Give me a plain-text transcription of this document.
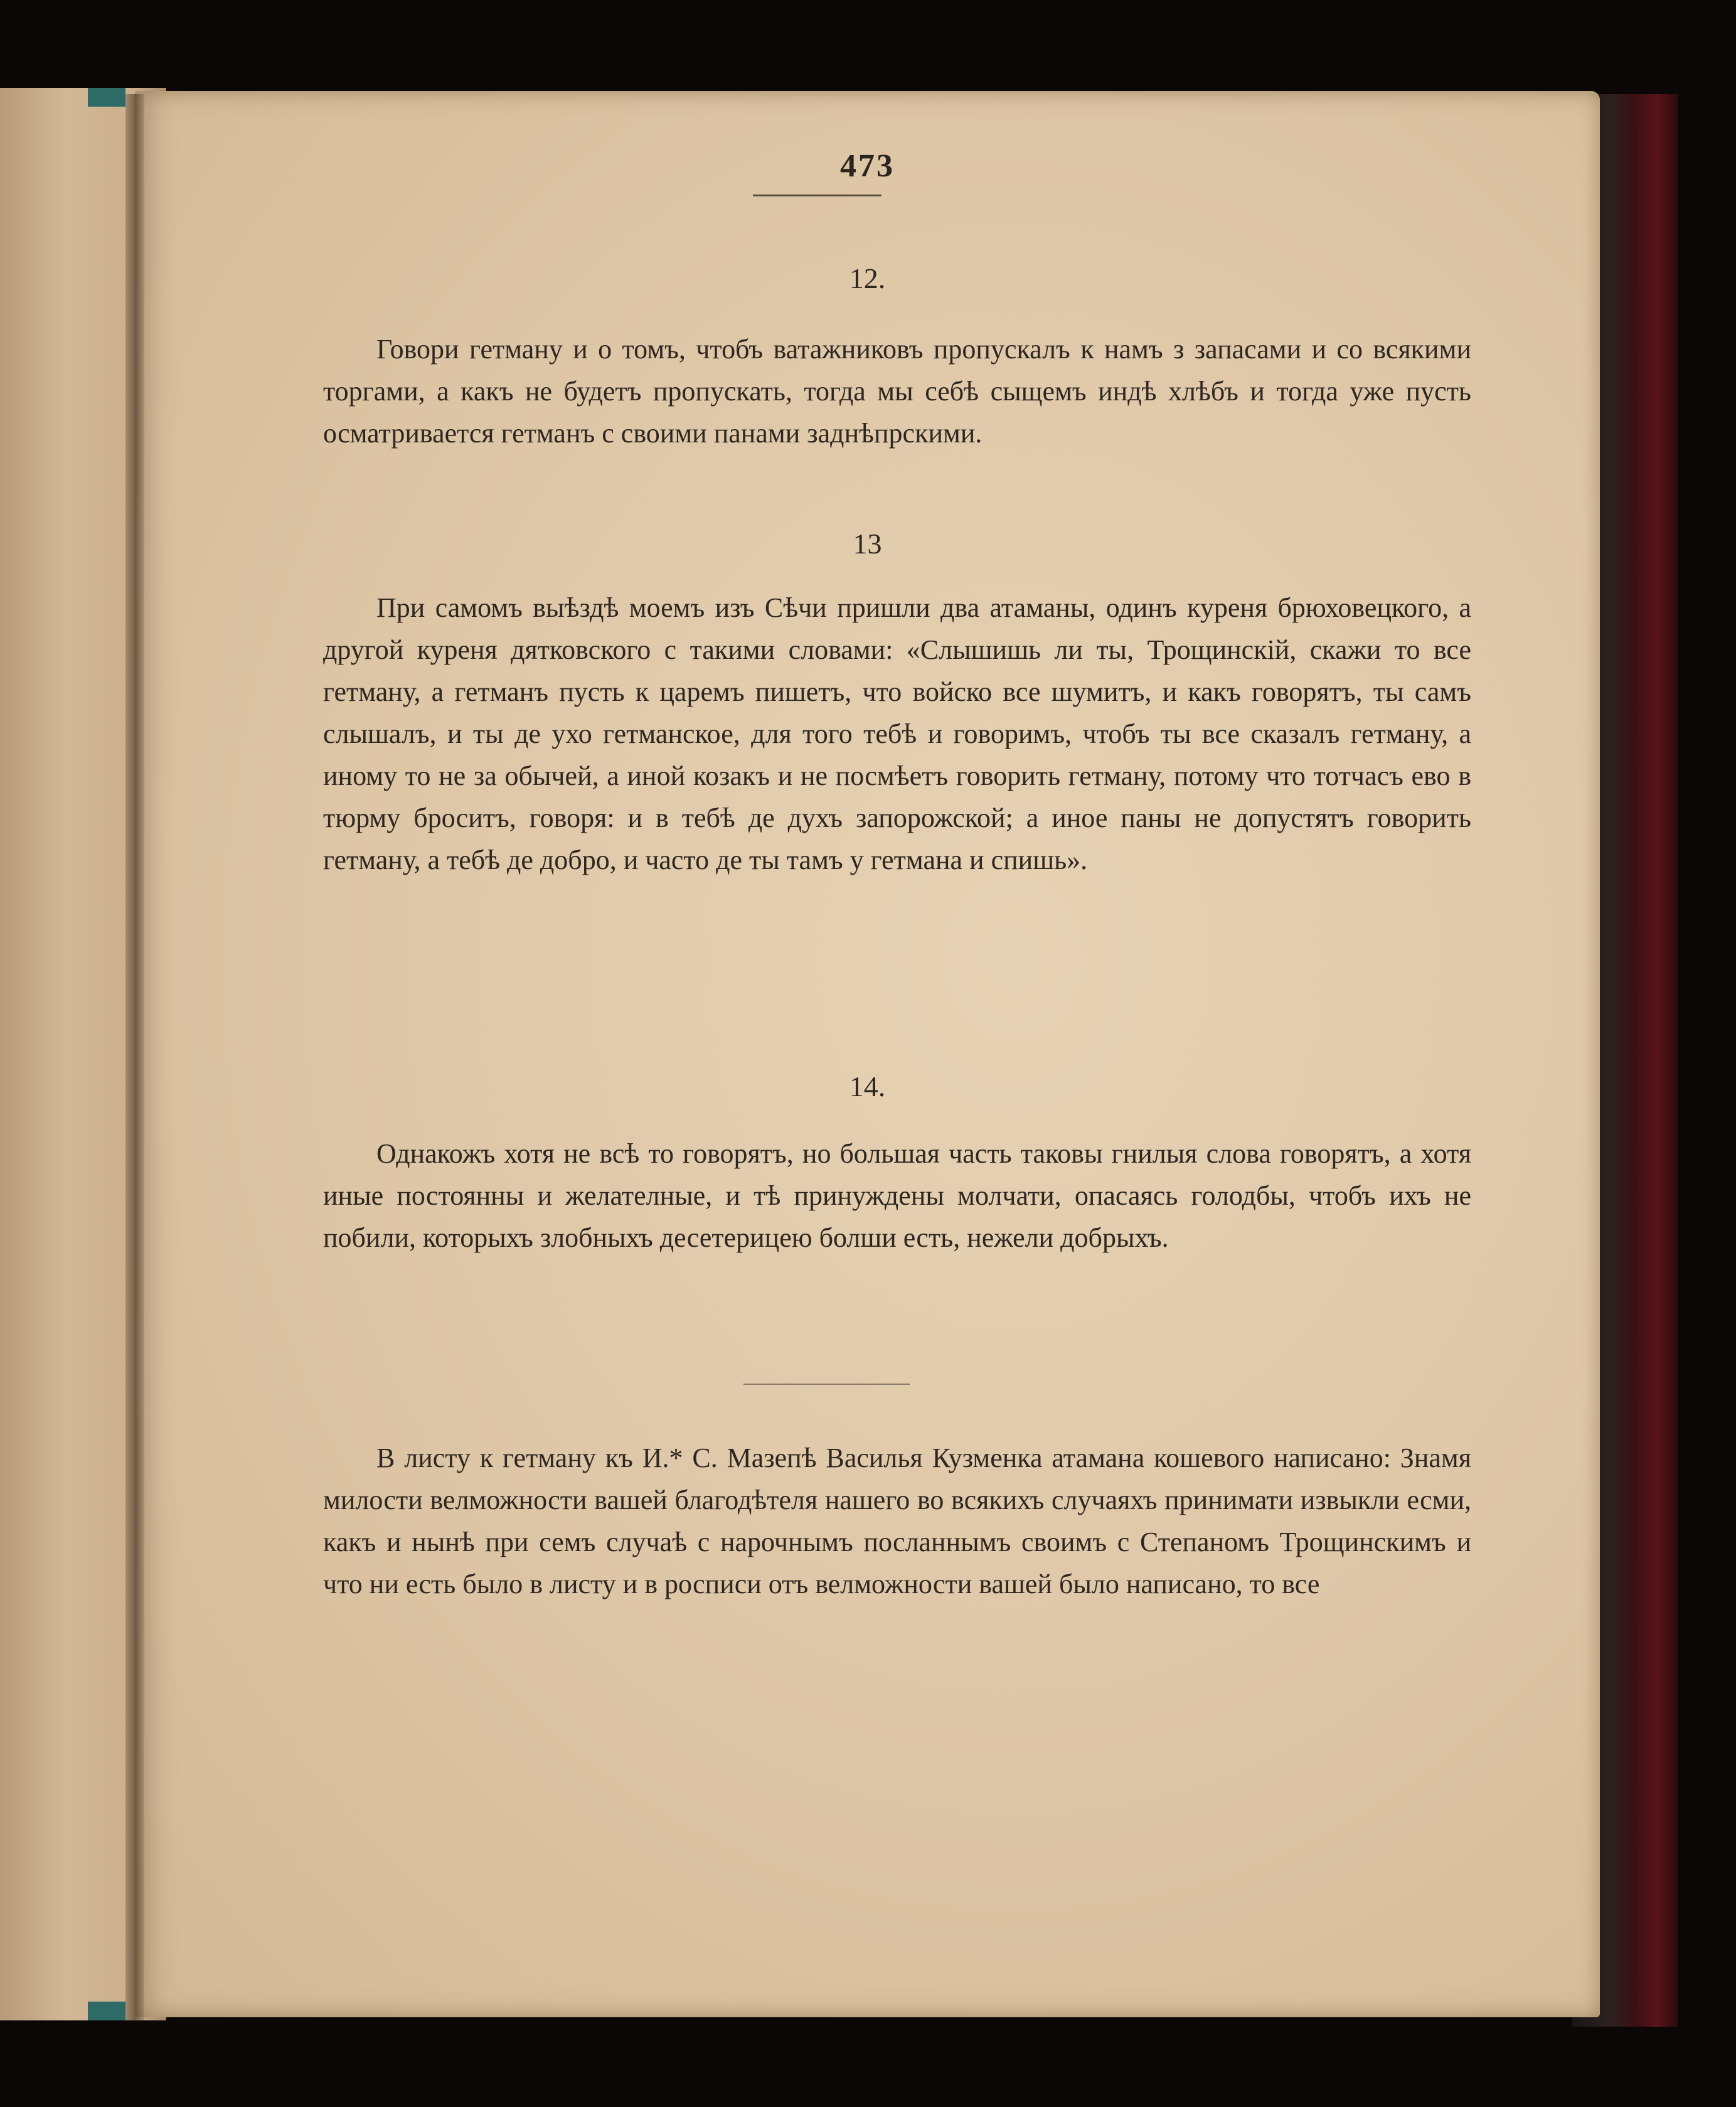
473
12.

Говори гетману и о томъ, чтобъ ватажниковъ пропускалъ к намъ з запасами и со всякими торгами, а какъ не будетъ пропускать, тогда мы себѣ сыщемъ индѣ хлѣбъ и тогда уже пусть осматривается гетманъ с своими панами заднѣпрскими.

13

При самомъ выѣздѣ моемъ изъ Сѣчи пришли два атаманы, одинъ куреня брюховецкого, а другой куреня дятковского с такими словами: «Слышишь ли ты, Трощинскій, скажи то все гетману, а гетманъ пусть к царемъ пишетъ, что войско все шумитъ, и какъ говорятъ, ты самъ слышалъ, и ты де ухо гетманское, для того тебѣ и говоримъ, чтобъ ты все сказалъ гетману, а иному то не за обычей, а иной козакъ и не посмѣетъ говорить гетману, потому что тотчасъ ево в тюрму броситъ, говоря: и в тебѣ де духъ запорожской; а иное паны не допустятъ говорить гетману, а тебѣ де добро, и часто де ты тамъ у гетмана и спишь».

14.

Однакожъ хотя не всѣ то говорятъ, но большая часть таковы гнилыя слова говорятъ, а хотя иные постоянны и желателные, и тѣ принуждены молчати, опасаясь голодбы, чтобъ ихъ не побили, которыхъ злобныхъ десетерицею болши есть, нежели добрыхъ.

В листу к гетману къ И.* С. Мазепѣ Василья Кузменка атамана кошевого написано: Знамя милости велможности вашей благодѣтеля нашего во всякихъ случаяхъ принимати извыкли есми, какъ и нынѣ при семъ случаѣ с нарочнымъ посланнымъ своимъ с Степаномъ Трощинскимъ и что ни есть было в листу и в росписи отъ велможности вашей было написано, то все
